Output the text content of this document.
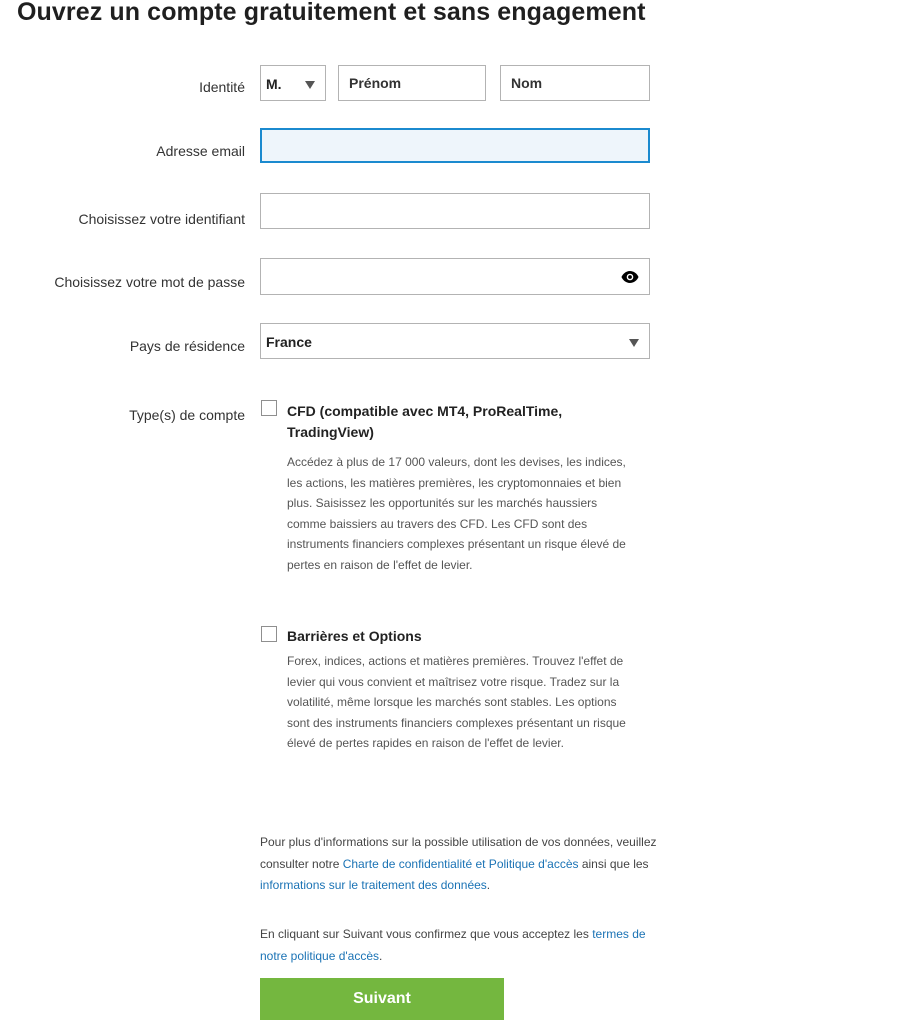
Ouvrez un compte gratuitement et sans engagement
Identité M.	Prénom	Nom
Adresse email
Choisissez votre identifiant
Choisissez votre mot de passe
Pays de résidence France
Type(s) de compte	CFD (compatible avec MT4, ProRealTime, TradingView)
Accédez à plus de 17 000 valeurs, dont les devises, les indices, les actions, les matières premières, les cryptomonnaies et bien plus. Saisissez les opportunités sur les marchés haussiers comme baissiers au travers des CFD. Les CFD sont des instruments financiers complexes présentant un risque élevé de pertes en raison de l'effet de levier.
Barrières et Options
Forex, indices, actions et matières premières. Trouvez l'effet de levier qui vous convient et maîtrisez votre risque. Tradez sur la volatilité, même lorsque les marchés sont stables. Les options sont des instruments financiers complexes présentant un risque élevé de pertes rapides en raison de l'effet de levier.
Pour plus d'informations sur la possible utilisation de vos données, veuillez consulter notre Charte de confidentialité et Politique d'accès ainsi que les informations sur le traitement des données.
En cliquant sur Suivant vous confirmez que vous acceptez les termes de notre politique d'accès.
Suivant
